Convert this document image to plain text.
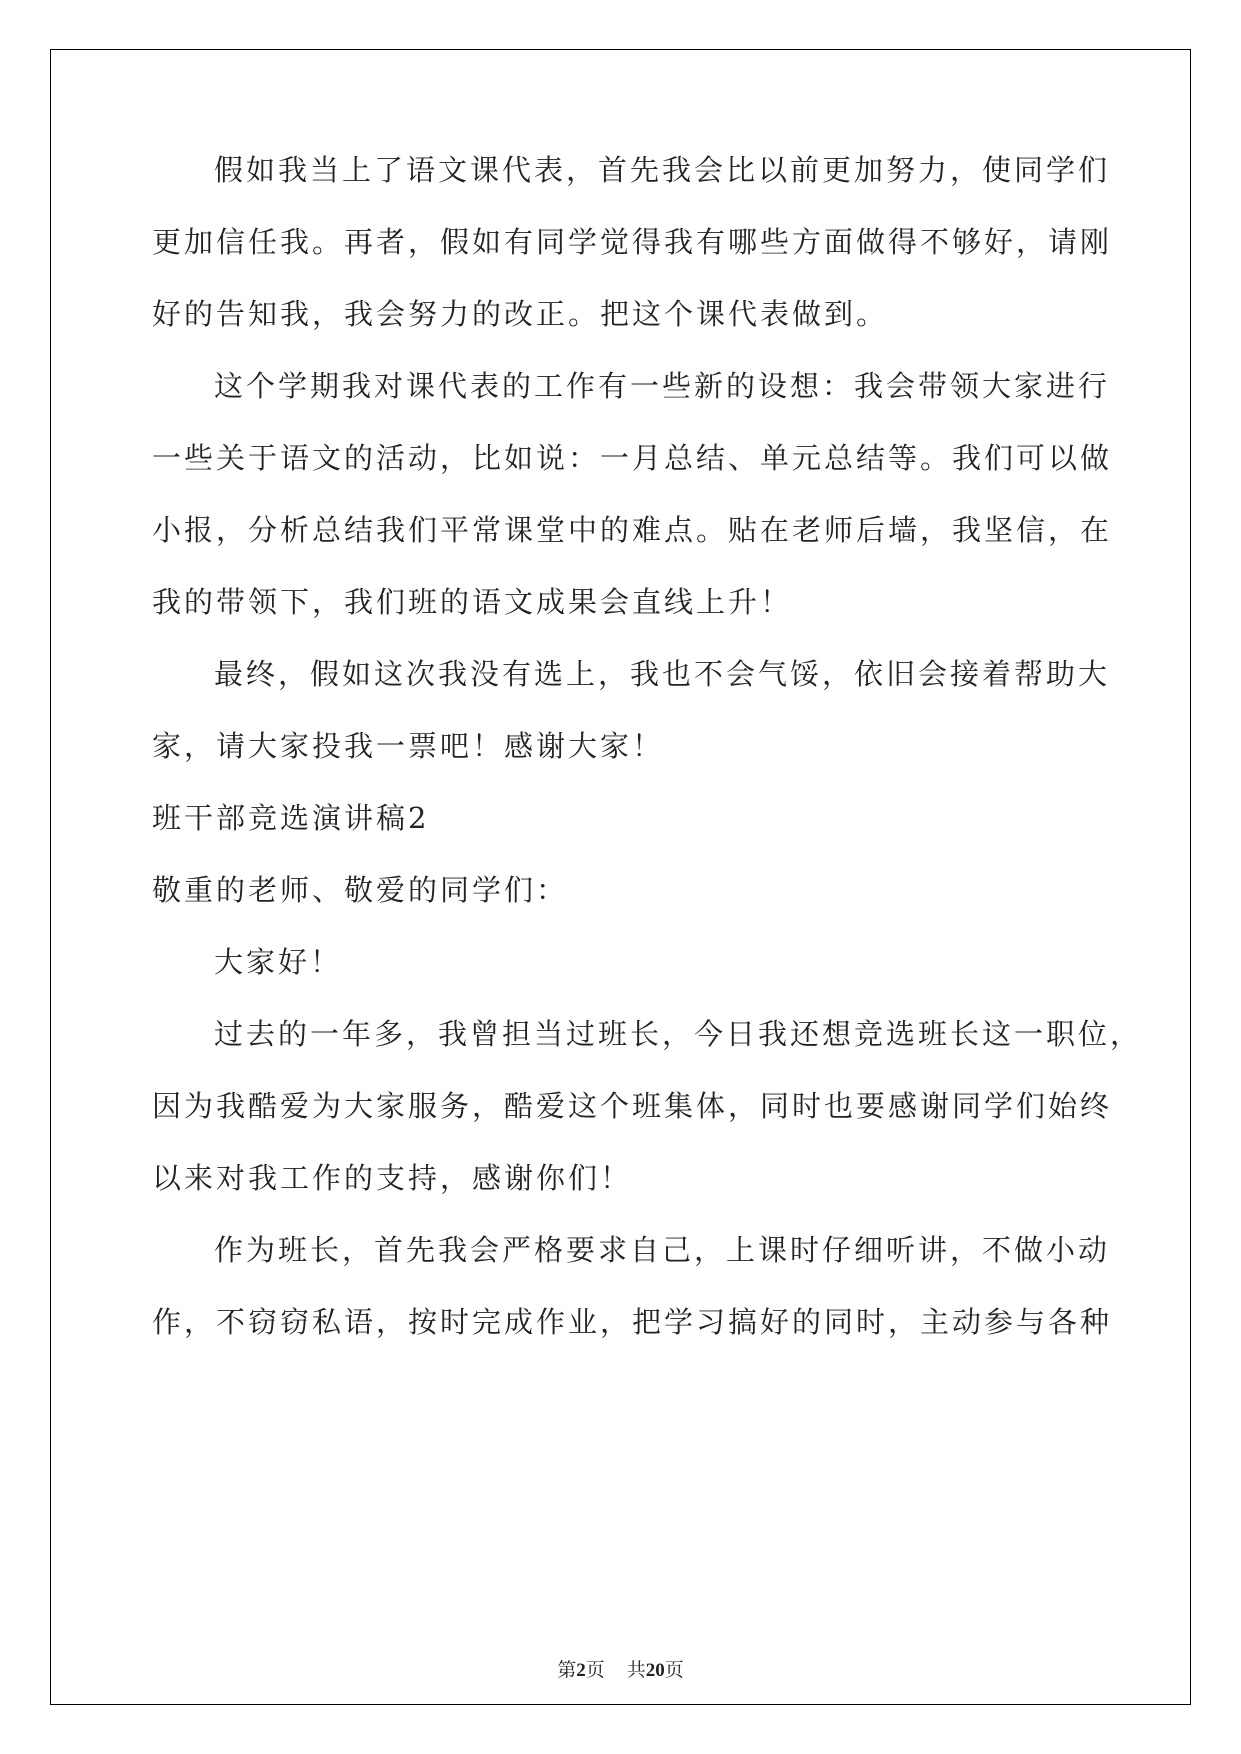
假如我当上了语文课代表，首先我会比以前更加努力，使同学们
更加信任我。再者，假如有同学觉得我有哪些方面做得不够好，请刚
好的告知我，我会努力的改正。把这个课代表做到。
这个学期我对课代表的工作有一些新的设想：我会带领大家进行
一些关于语文的活动，比如说：一月总结、单元总结等。我们可以做
小报，分析总结我们平常课堂中的难点。贴在老师后墙，我坚信，在
我的带领下，我们班的语文成果会直线上升！
最终，假如这次我没有选上，我也不会气馁，依旧会接着帮助大
家，请大家投我一票吧！感谢大家！
班干部竞选演讲稿2
敬重的老师、敬爱的同学们：
大家好！
过去的一年多，我曾担当过班长，今日我还想竞选班长这一职位，
因为我酷爱为大家服务，酷爱这个班集体，同时也要感谢同学们始终
以来对我工作的支持，感谢你们！
作为班长，首先我会严格要求自己，上课时仔细听讲，不做小动
作，不窃窃私语，按时完成作业，把学习搞好的同时，主动参与各种
第2页 共20页
